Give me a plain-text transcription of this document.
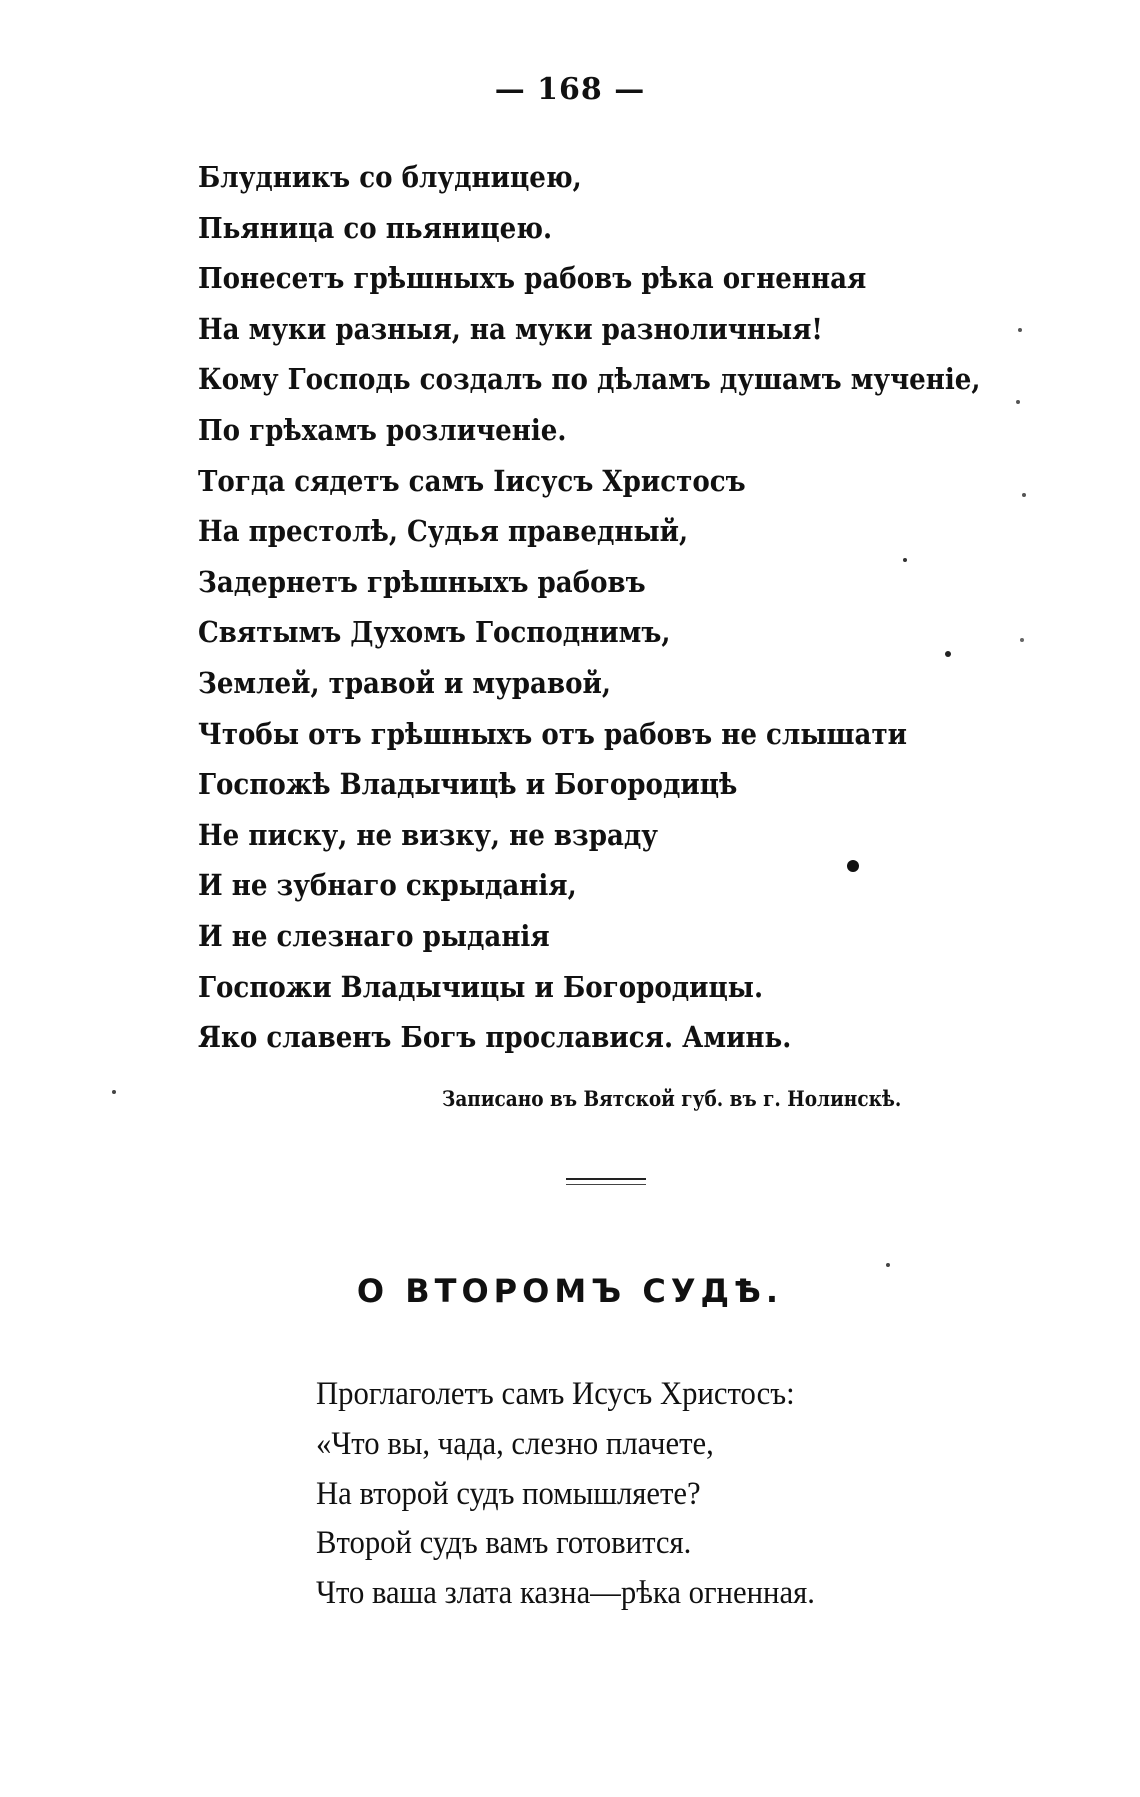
— 168 —
Блудникъ со блудницею,
Пьяница со пьяницею.
Понесетъ грѣшныхъ рабовъ рѣка огненная
На муки разныя, на муки разноличныя!
Кому Господь создалъ по дѣламъ душамъ мученіе,
По грѣхамъ розличеніе.
Тогда сядетъ самъ Іисусъ Христосъ
На престолѣ, Судья праведный,
Задернетъ грѣшныхъ рабовъ
Святымъ Духомъ Господнимъ,
Землей, травой и муравой,
Чтобы отъ грѣшныхъ отъ рабовъ не слышати
Госпожѣ Владычицѣ и Богородицѣ
Не писку, не визку, не взраду
И не зубнаго скрыданія,
И не слезнаго рыданія
Госпожи Владычицы и Богородицы.
Яко славенъ Богъ прославися. Аминь.
Записано въ Вятской губ. въ г. Нолинскѣ.
О ВТОРОМЪ СУДѢ.
Проглаголетъ самъ Исусъ Христосъ:
«Что вы, чада, слезно плачете,
На второй судъ помышляете?
Второй судъ вамъ готовится.
Что ваша злата казна—рѣка огненная.
